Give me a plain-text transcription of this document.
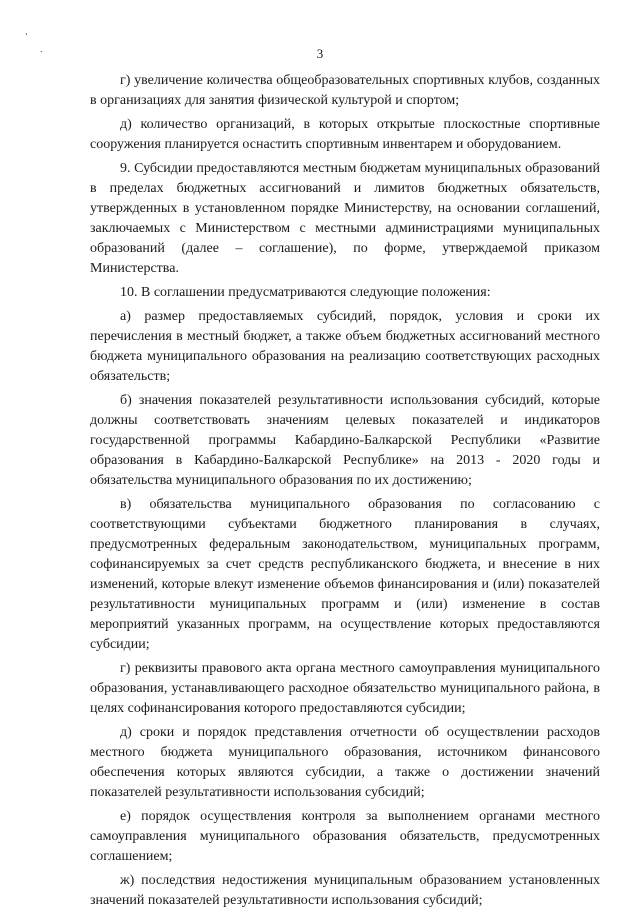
,
.	3

г) увеличение количества общеобразовательных спортивных клубов, созданных в организациях для занятия физической культурой и спортом;

д) количество организаций, в которых открытые плоскостные спортивные сооружения планируется оснастить спортивным инвентарем и оборудованием.

9. Субсидии предоставляются местным бюджетам муниципальных образований в пределах бюджетных ассигнований и лимитов бюджетных обязательств, утвержденных в установленном порядке Министерству, на основании соглашений, заключаемых с Министерством с местными администрациями муниципальных образований (далее – соглашение), по форме, утверждаемой приказом Министерства.

10. В соглашении предусматриваются следующие положения:

а) размер предоставляемых субсидий, порядок, условия и сроки их перечисления в местный бюджет, а также объем бюджетных ассигнований местного бюджета муниципального образования на реализацию соответствующих расходных обязательств;

б) значения показателей результативности использования субсидий, которые должны соответствовать значениям целевых показателей и индикаторов государственной программы Кабардино-Балкарской Республики «Развитие образования в Кабардино-Балкарской Республике» на 2013 - 2020 годы и обязательства муниципального образования по их достижению;

в) обязательства муниципального образования по согласованию с соответствующими субъектами бюджетного планирования в случаях, предусмотренных федеральным законодательством, муниципальных программ, софинансируемых за счет средств республиканского бюджета, и внесение в них изменений, которые влекут изменение объемов финансирования и (или) показателей результативности муниципальных программ и (или) изменение в состав мероприятий указанных программ, на осуществление которых предоставляются субсидии;

г) реквизиты правового акта органа местного самоуправления муниципального образования, устанавливающего расходное обязательство муниципального района, в целях софинансирования которого предоставляются субсидии;

д) сроки и порядок представления отчетности об осуществлении расходов местного бюджета муниципального образования, источником финансового обеспечения которых являются субсидии, а также о достижении значений показателей результативности использования субсидий;

е) порядок осуществления контроля за выполнением органами местного самоуправления муниципального образования обязательств, предусмотренных соглашением;

ж) последствия недостижения муниципальным образованием установленных значений показателей результативности использования субсидий;
